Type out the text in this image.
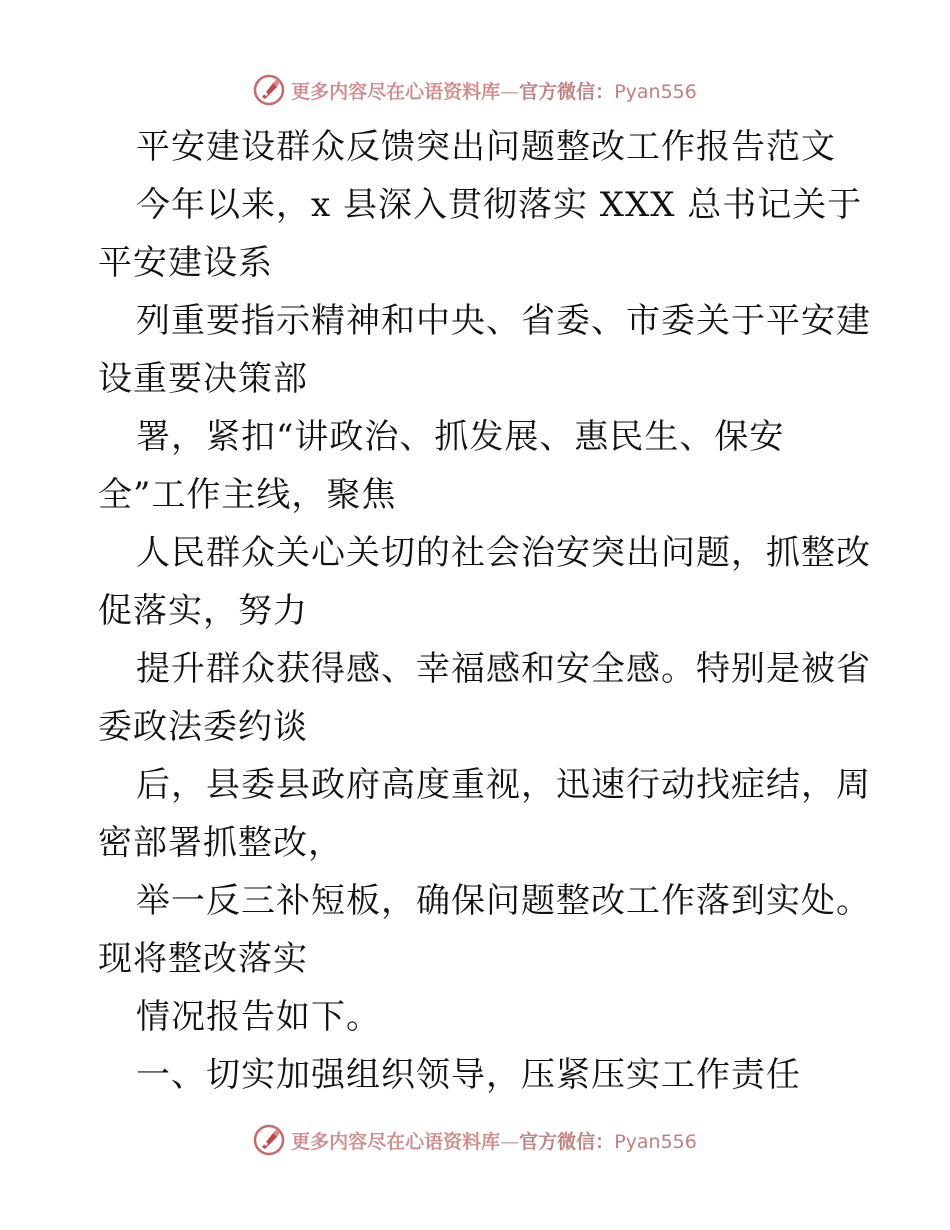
更多内容尽在心语资料库—官方微信：Pyan556
平安建设群众反馈突出问题整改工作报告范文
今年以来，x 县深入贯彻落实 XXX 总书记关于
平安建设系
列重要指示精神和中央、省委、市委关于平安建
设重要决策部
署，紧扣“讲政治、抓发展、惠民生、保安
全”工作主线，聚焦
人民群众关心关切的社会治安突出问题，抓整改
促落实，努力
提升群众获得感、幸福感和安全感。特别是被省
委政法委约谈
后，县委县政府高度重视，迅速行动找症结，周
密部署抓整改，
举一反三补短板，确保问题整改工作落到实处。
现将整改落实
情况报告如下。
一、切实加强组织领导，压紧压实工作责任
更多内容尽在心语资料库—官方微信：Pyan556
